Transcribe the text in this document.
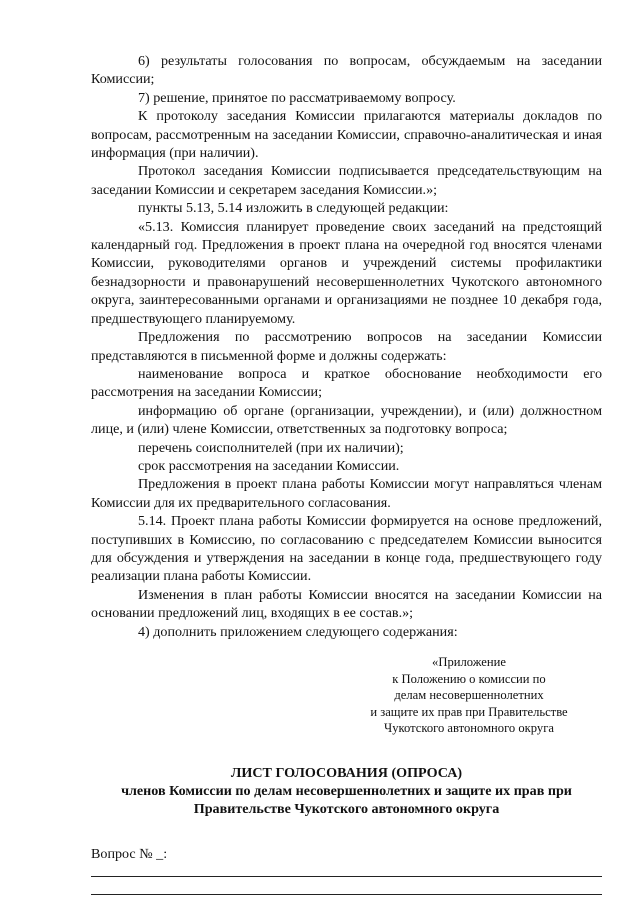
6) результаты голосования по вопросам, обсуждаемым на заседании Комиссии;

7) решение, принятое по рассматриваемому вопросу.

К протоколу заседания Комиссии прилагаются материалы докладов по вопросам, рассмотренным на заседании Комиссии, справочно-аналитическая и иная информация (при наличии).

Протокол заседания Комиссии подписывается председательствующим на заседании Комиссии и секретарем заседания Комиссии.»;

пункты 5.13, 5.14 изложить в следующей редакции:

«5.13. Комиссия планирует проведение своих заседаний на предстоящий календарный год. Предложения в проект плана на очередной год вносятся членами Комиссии, руководителями органов и учреждений системы профилактики безнадзорности и правонарушений несовершеннолетних Чукотского автономного округа, заинтересованными органами и организациями не позднее 10 декабря года, предшествующего планируемому.

Предложения по рассмотрению вопросов на заседании Комиссии представляются в письменной форме и должны содержать:

наименование вопроса и краткое обоснование необходимости его рассмотрения на заседании Комиссии;

информацию об органе (организации, учреждении), и (или) должностном лице, и (или) члене Комиссии, ответственных за подготовку вопроса;

перечень соисполнителей (при их наличии);

срок рассмотрения на заседании Комиссии.

Предложения в проект плана работы Комиссии могут направляться членам Комиссии для их предварительного согласования.

5.14. Проект плана работы Комиссии формируется на основе предложений, поступивших в Комиссию, по согласованию с председателем Комиссии выносится для обсуждения и утверждения на заседании в конце года, предшествующего году реализации плана работы Комиссии.

Изменения в план работы Комиссии вносятся на заседании Комиссии на основании предложений лиц, входящих в ее состав.»;

4) дополнить приложением следующего содержания:

«Приложение
к Положению о комиссии по
делам несовершеннолетних
и защите их прав при Правительстве
Чукотского автономного округа
ЛИСТ ГОЛОСОВАНИЯ (ОПРОСА)
членов Комиссии по делам несовершеннолетних и защите их прав при
Правительстве Чукотского автономного округа
Вопрос № _:
